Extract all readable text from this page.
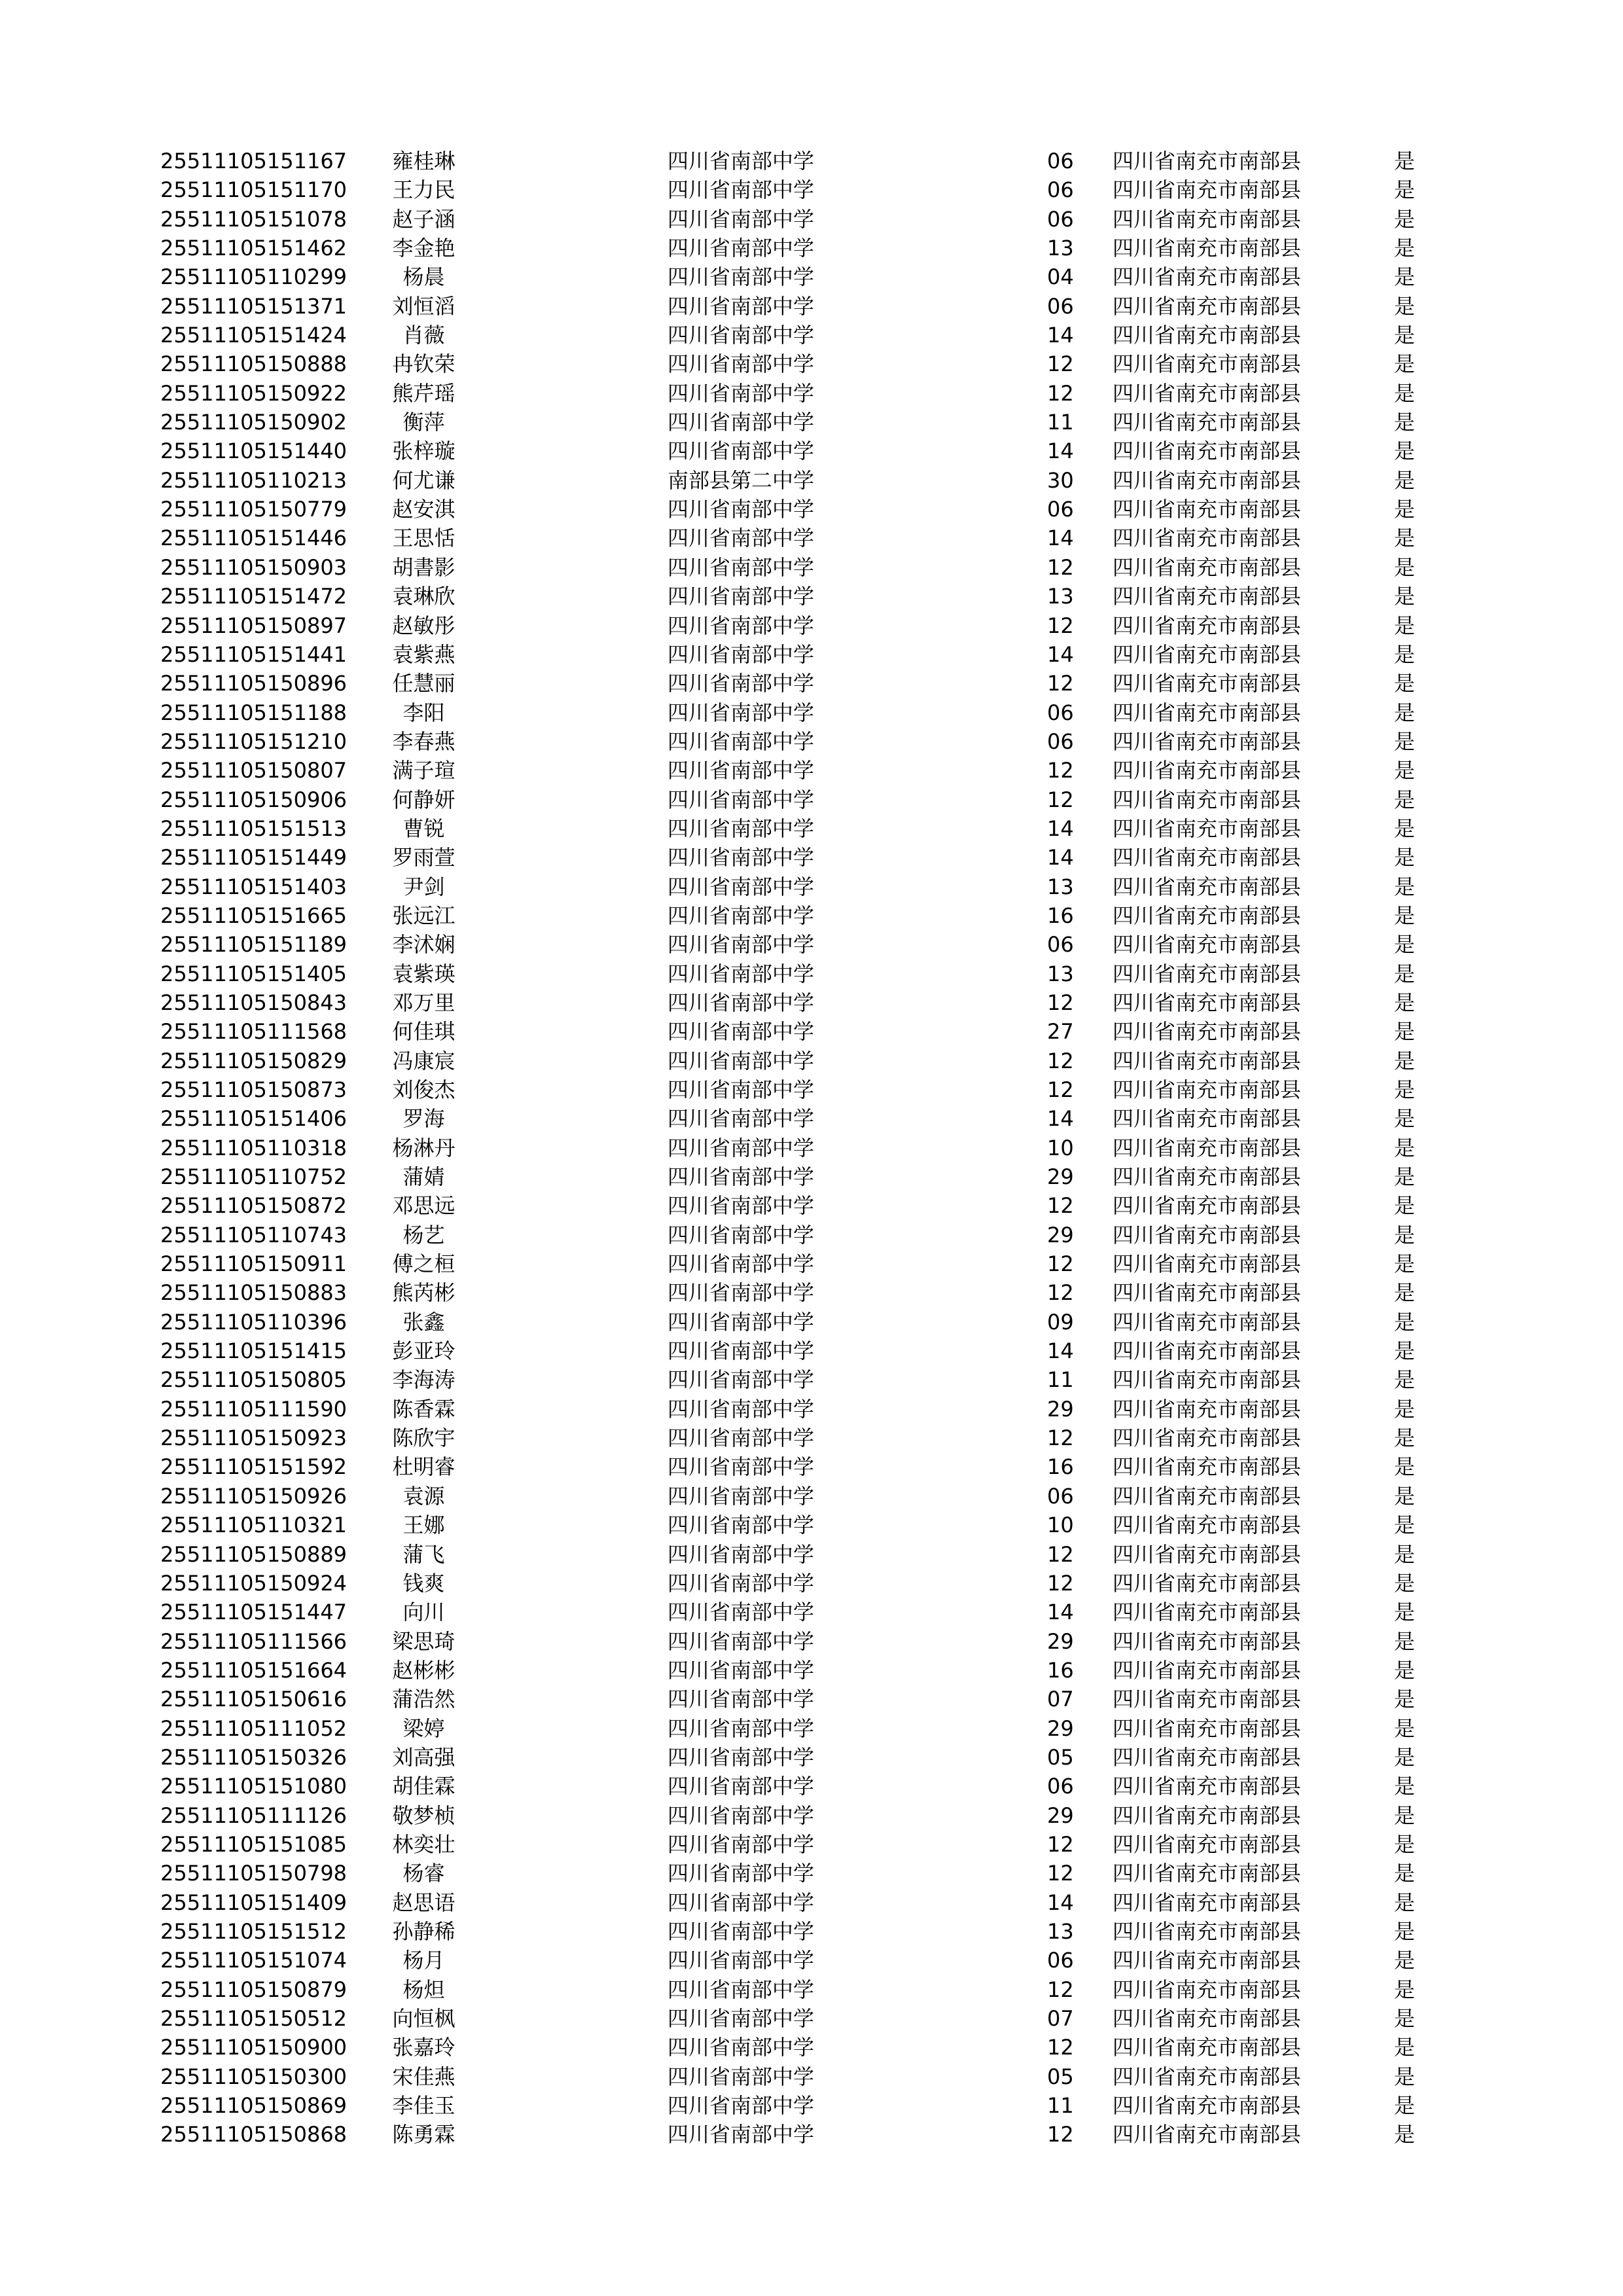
25511105151167	雍桂琳	四川省南部中学	06 四川省南充市南部县	是
25511105151170	王力民	四川省南部中学	06 四川省南充市南部县	是
25511105151078	赵子涵	四川省南部中学	06 四川省南充市南部县	是
25511105151462	李金艳	四川省南部中学	13 四川省南充市南部县	是
25511105110299	杨晨	四川省南部中学	04 四川省南充市南部县	是
25511105151371	刘恒滔	四川省南部中学	06 四川省南充市南部县	是
25511105151424	肖薇	四川省南部中学	14 四川省南充市南部县	是
25511105150888	冉钦荣	四川省南部中学	12 四川省南充市南部县	是
25511105150922	熊芹瑶	四川省南部中学	12 四川省南充市南部县	是
25511105150902	衡萍	四川省南部中学	11 四川省南充市南部县	是
25511105151440	张梓璇	四川省南部中学	14 四川省南充市南部县	是
25511105110213	何尤谦	南部县第二中学	30 四川省南充市南部县	是
25511105150779	赵安淇	四川省南部中学	06 四川省南充市南部县	是
25511105151446	王思恬	四川省南部中学	14 四川省南充市南部县	是
25511105150903	胡書影	四川省南部中学	12 四川省南充市南部县	是
25511105151472	袁琳欣	四川省南部中学	13 四川省南充市南部县	是
25511105150897	赵敏彤	四川省南部中学	12 四川省南充市南部县	是
25511105151441	袁紫燕	四川省南部中学	14 四川省南充市南部县	是
25511105150896	任慧丽	四川省南部中学	12 四川省南充市南部县	是
25511105151188	李阳	四川省南部中学	06 四川省南充市南部县	是
25511105151210	李春燕	四川省南部中学	06 四川省南充市南部县	是
25511105150807	满子瑄	四川省南部中学	12 四川省南充市南部县	是
25511105150906	何静妍	四川省南部中学	12 四川省南充市南部县	是
25511105151513	曹锐	四川省南部中学	14 四川省南充市南部县	是
25511105151449	罗雨萱	四川省南部中学	14 四川省南充市南部县	是
25511105151403	尹剑	四川省南部中学	13 四川省南充市南部县	是
25511105151665	张远江	四川省南部中学	16 四川省南充市南部县	是
25511105151189	李沭娴	四川省南部中学	06 四川省南充市南部县	是
25511105151405	袁紫瑛	四川省南部中学	13 四川省南充市南部县	是
25511105150843	邓万里	四川省南部中学	12 四川省南充市南部县	是
25511105111568	何佳琪	四川省南部中学	27 四川省南充市南部县	是
25511105150829	冯康宸	四川省南部中学	12 四川省南充市南部县	是
25511105150873	刘俊杰	四川省南部中学	12 四川省南充市南部县	是
25511105151406	罗海	四川省南部中学	14 四川省南充市南部县	是
25511105110318	杨淋丹	四川省南部中学	10 四川省南充市南部县	是
25511105110752	蒲婧	四川省南部中学	29 四川省南充市南部县	是
25511105150872	邓思远	四川省南部中学	12 四川省南充市南部县	是
25511105110743	杨艺	四川省南部中学	29 四川省南充市南部县	是
25511105150911	傅之桓	四川省南部中学	12 四川省南充市南部县	是
25511105150883	熊芮彬	四川省南部中学	12 四川省南充市南部县	是
25511105110396	张鑫	四川省南部中学	09 四川省南充市南部县	是
25511105151415	彭亚玲	四川省南部中学	14 四川省南充市南部县	是
25511105150805	李海涛	四川省南部中学	11 四川省南充市南部县	是
25511105111590	陈香霖	四川省南部中学	29 四川省南充市南部县	是
25511105150923	陈欣宇	四川省南部中学	12 四川省南充市南部县	是
25511105151592	杜明睿	四川省南部中学	16 四川省南充市南部县	是
25511105150926	袁源	四川省南部中学	06 四川省南充市南部县	是
25511105110321	王娜	四川省南部中学	10 四川省南充市南部县	是
25511105150889	蒲飞	四川省南部中学	12 四川省南充市南部县	是
25511105150924	钱爽	四川省南部中学	12 四川省南充市南部县	是
25511105151447	向川	四川省南部中学	14 四川省南充市南部县	是
25511105111566	梁思琦	四川省南部中学	29 四川省南充市南部县	是
25511105151664	赵彬彬	四川省南部中学	16 四川省南充市南部县	是
25511105150616	蒲浩然	四川省南部中学	07 四川省南充市南部县	是
25511105111052	梁婷	四川省南部中学	29 四川省南充市南部县	是
25511105150326	刘高强	四川省南部中学	05 四川省南充市南部县	是
25511105151080	胡佳霖	四川省南部中学	06 四川省南充市南部县	是
25511105111126	敬梦桢	四川省南部中学	29 四川省南充市南部县	是
25511105151085	林奕壮	四川省南部中学	12 四川省南充市南部县	是
25511105150798	杨睿	四川省南部中学	12 四川省南充市南部县	是
25511105151409	赵思语	四川省南部中学	14 四川省南充市南部县	是
25511105151512	孙静稀	四川省南部中学	13 四川省南充市南部县	是
25511105151074	杨月	四川省南部中学	06 四川省南充市南部县	是
25511105150879	杨炟	四川省南部中学	12 四川省南充市南部县	是
25511105150512	向恒枫	四川省南部中学	07 四川省南充市南部县	是
25511105150900	张嘉玲	四川省南部中学	12 四川省南充市南部县	是
25511105150300	宋佳燕	四川省南部中学	05 四川省南充市南部县	是
25511105150869	李佳玉	四川省南部中学	11 四川省南充市南部县	是
25511105150868	陈勇霖	四川省南部中学	12 四川省南充市南部县	是
